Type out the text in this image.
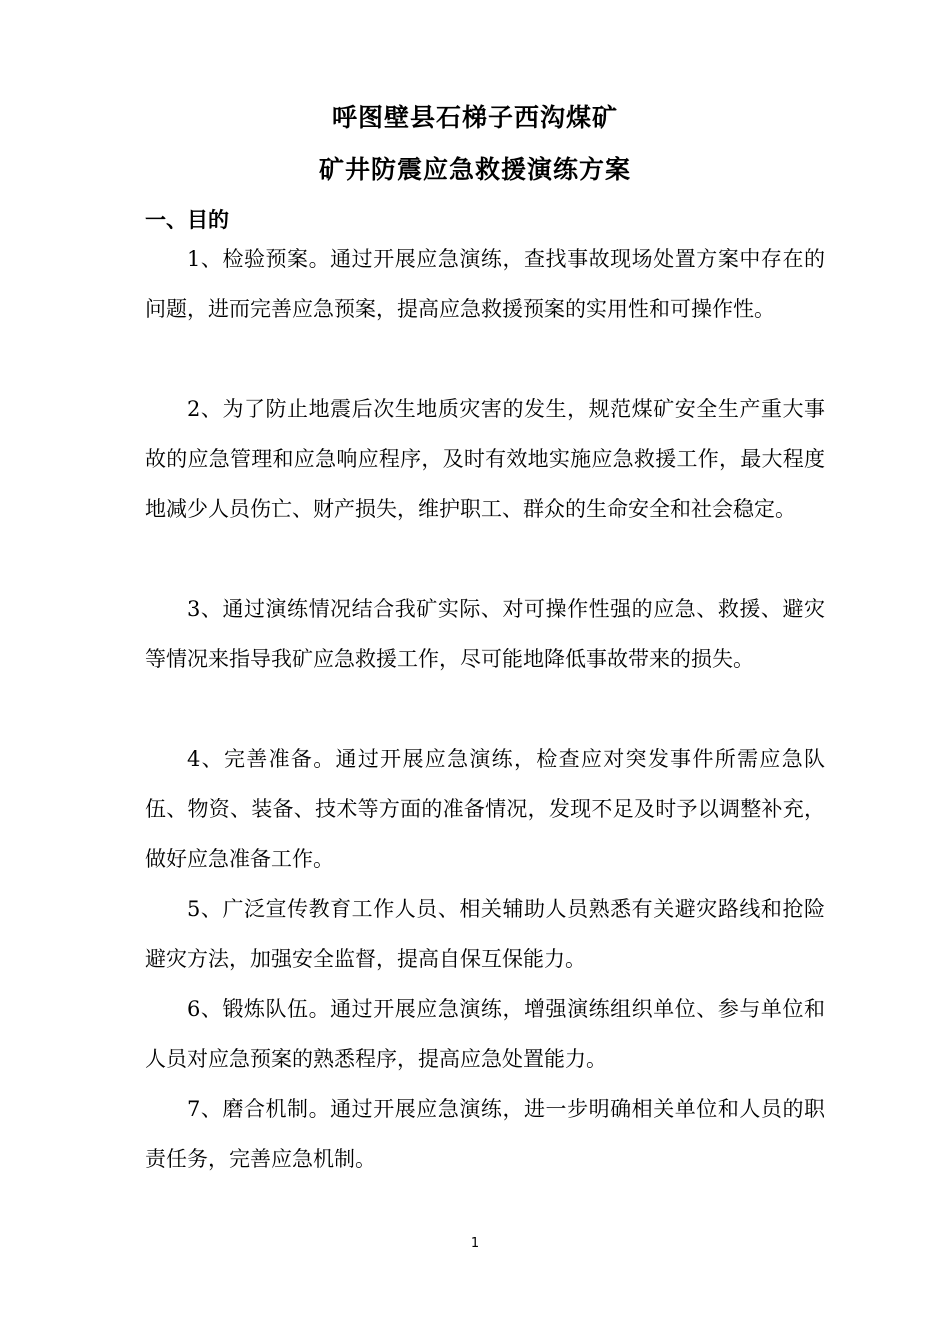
呼图壁县石梯子西沟煤矿
矿井防震应急救援演练方案
一、目的

1、检验预案。通过开展应急演练，查找事故现场处置方案中存在的问题，进而完善应急预案，提高应急救援预案的实用性和可操作性。

2、为了防止地震后次生地质灾害的发生，规范煤矿安全生产重大事故的应急管理和应急响应程序，及时有效地实施应急救援工作，最大程度地减少人员伤亡、财产损失，维护职工、群众的生命安全和社会稳定。

3、通过演练情况结合我矿实际、对可操作性强的应急、救援、避灾等情况来指导我矿应急救援工作，尽可能地降低事故带来的损失。

4、完善准备。通过开展应急演练，检查应对突发事件所需应急队伍、物资、装备、技术等方面的准备情况，发现不足及时予以调整补充，做好应急准备工作。

5、广泛宣传教育工作人员、相关辅助人员熟悉有关避灾路线和抢险避灾方法，加强安全监督，提高自保互保能力。

6、锻炼队伍。通过开展应急演练，增强演练组织单位、参与单位和人员对应急预案的熟悉程序，提高应急处置能力。

7、磨合机制。通过开展应急演练，进一步明确相关单位和人员的职责任务，完善应急机制。

1
